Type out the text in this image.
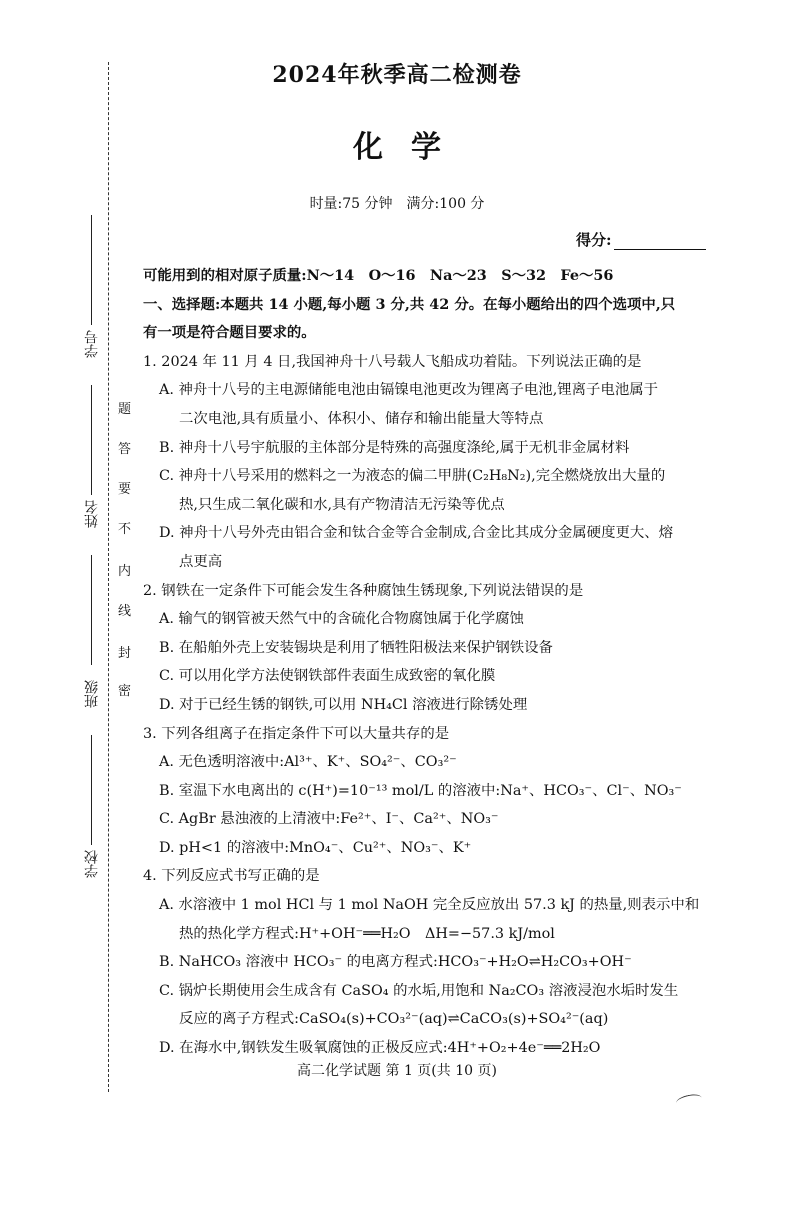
学号
姓名
班级
学校
密
封
线
内
不
要
答
题
2024年秋季高二检测卷
化学
时量:75 分钟　满分:100 分
得分:

可能用到的相对原子质量:N～14　O～16　Na～23　S～32　Fe～56

一、选择题:本题共 14 小题,每小题 3 分,共 42 分。在每小题给出的四个选项中,只

有一项是符合题目要求的。

1. 2024 年 11 月 4 日,我国神舟十八号载人飞船成功着陆。下列说法正确的是

A. 神舟十八号的主电源储能电池由镉镍电池更改为锂离子电池,锂离子电池属于

二次电池,具有质量小、体积小、储存和输出能量大等特点

B. 神舟十八号宇航服的主体部分是特殊的高强度涤纶,属于无机非金属材料

C. 神舟十八号采用的燃料之一为液态的偏二甲肼(C₂H₈N₂),完全燃烧放出大量的

热,只生成二氧化碳和水,具有产物清洁无污染等优点

D. 神舟十八号外壳由铝合金和钛合金等合金制成,合金比其成分金属硬度更大、熔

点更高

2. 钢铁在一定条件下可能会发生各种腐蚀生锈现象,下列说法错误的是

A. 输气的钢管被天然气中的含硫化合物腐蚀属于化学腐蚀

B. 在船舶外壳上安装锡块是利用了牺牲阳极法来保护钢铁设备

C. 可以用化学方法使钢铁部件表面生成致密的氧化膜

D. 对于已经生锈的钢铁,可以用 NH₄Cl 溶液进行除锈处理

3. 下列各组离子在指定条件下可以大量共存的是

A. 无色透明溶液中:Al³⁺、K⁺、SO₄²⁻、CO₃²⁻

B. 室温下水电离出的 c(H⁺)=10⁻¹³ mol/L 的溶液中:Na⁺、HCO₃⁻、Cl⁻、NO₃⁻

C. AgBr 悬浊液的上清液中:Fe²⁺、I⁻、Ca²⁺、NO₃⁻

D. pH<1 的溶液中:MnO₄⁻、Cu²⁺、NO₃⁻、K⁺

4. 下列反应式书写正确的是

A. 水溶液中 1 mol HCl 与 1 mol NaOH 完全反应放出 57.3 kJ 的热量,则表示中和

热的热化学方程式:H⁺+OH⁻══H₂O　ΔH=−57.3 kJ/mol

B. NaHCO₃ 溶液中 HCO₃⁻ 的电离方程式:HCO₃⁻+H₂O⇌H₂CO₃+OH⁻

C. 锅炉长期使用会生成含有 CaSO₄ 的水垢,用饱和 Na₂CO₃ 溶液浸泡水垢时发生

反应的离子方程式:CaSO₄(s)+CO₃²⁻(aq)⇌CaCO₃(s)+SO₄²⁻(aq)

D. 在海水中,钢铁发生吸氧腐蚀的正极反应式:4H⁺+O₂+4e⁻══2H₂O

高二化学试题 第 1 页(共 10 页)
